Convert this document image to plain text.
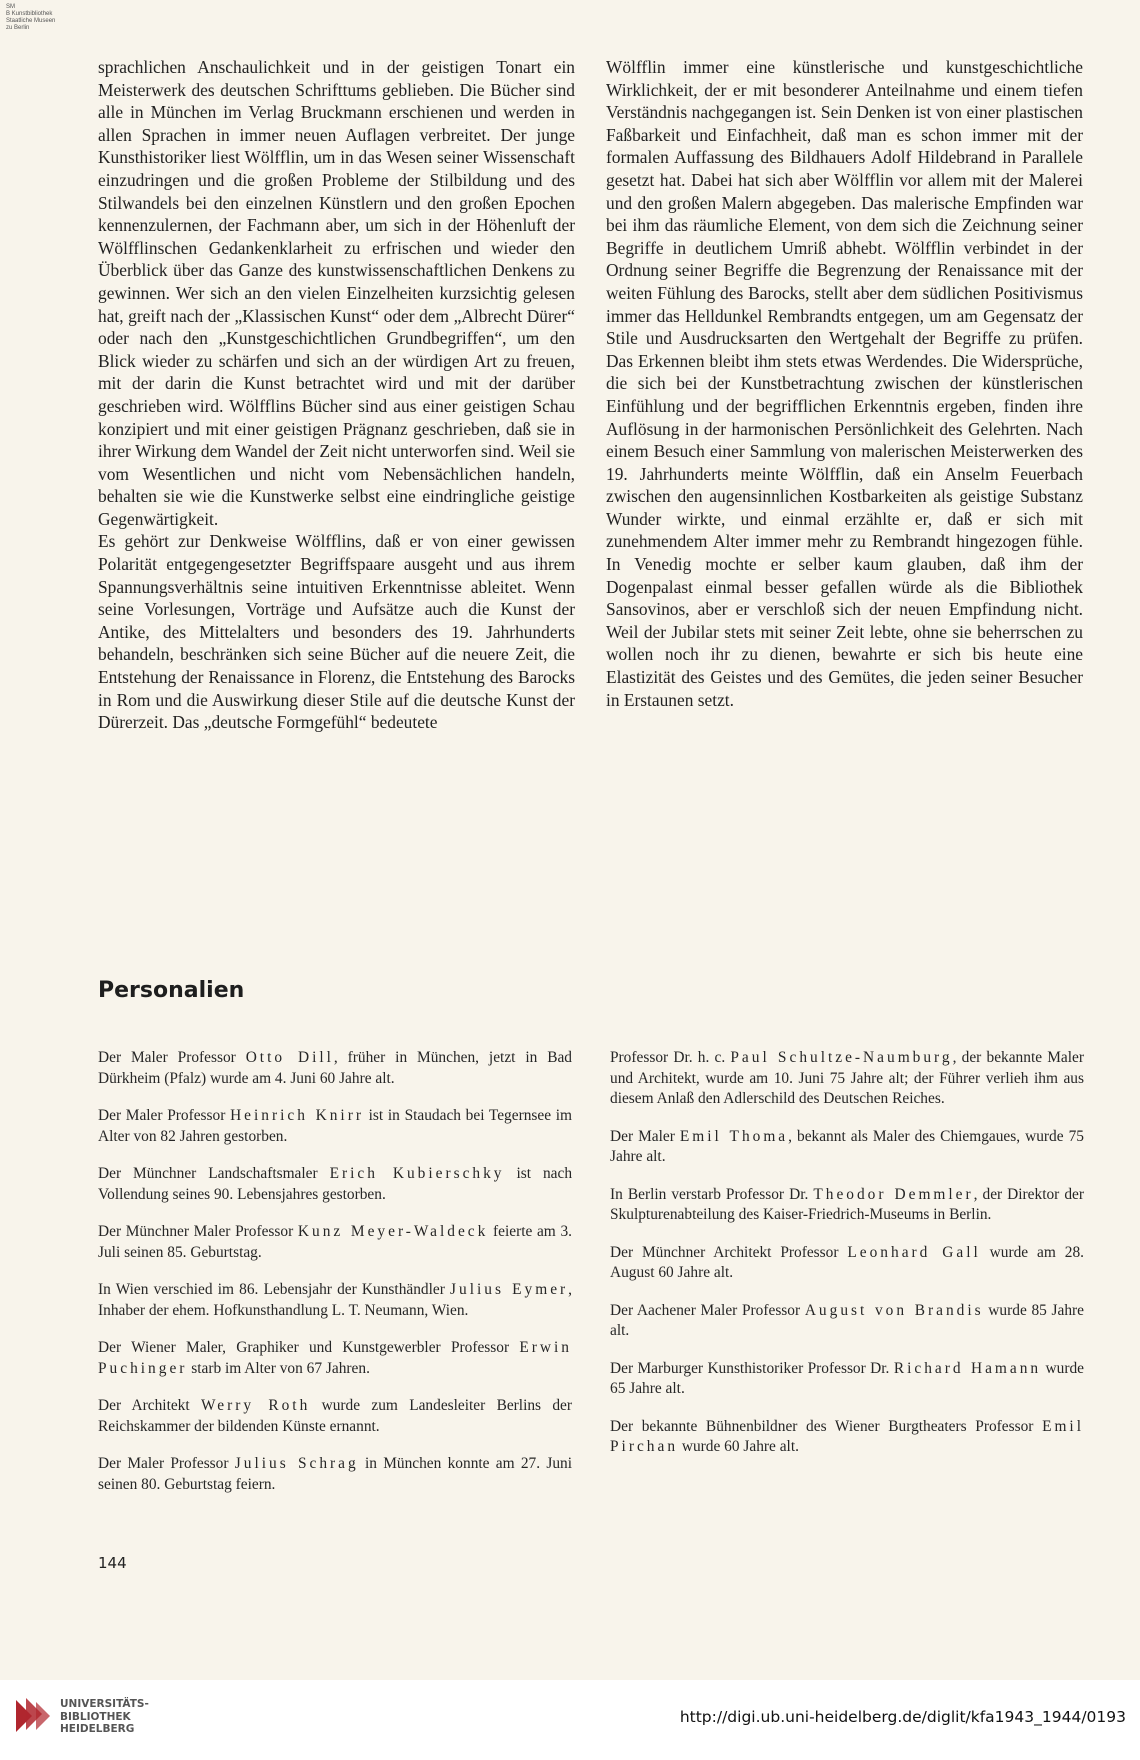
SM
B Kunstbibliothek
Staatliche Museen
zu Berlin

sprachlichen Anschaulichkeit und in der geistigen Tonart ein Meisterwerk des deutschen Schrifttums geblieben. Die Bücher sind alle in München im Verlag Bruckmann erschienen und werden in allen Sprachen in immer neuen Auflagen verbreitet. Der junge Kunsthistoriker liest Wölfflin, um in das Wesen seiner Wissenschaft einzudringen und die großen Probleme der Stilbildung und des Stilwandels bei den einzelnen Künstlern und den großen Epochen kennenzulernen, der Fachmann aber, um sich in der Höhenluft der Wölfflinschen Gedankenklarheit zu erfrischen und wieder den Überblick über das Ganze des kunstwissenschaftlichen Denkens zu gewinnen. Wer sich an den vielen Einzelheiten kurzsichtig gelesen hat, greift nach der „Klassischen Kunst“ oder dem „Albrecht Dürer“ oder nach den „Kunstgeschichtlichen Grundbegriffen“, um den Blick wieder zu schärfen und sich an der würdigen Art zu freuen, mit der darin die Kunst betrachtet wird und mit der darüber geschrieben wird. Wölfflins Bücher sind aus einer geistigen Schau konzipiert und mit einer geistigen Prägnanz geschrieben, daß sie in ihrer Wirkung dem Wandel der Zeit nicht unterworfen sind. Weil sie vom Wesentlichen und nicht vom Nebensächlichen handeln, behalten sie wie die Kunstwerke selbst eine eindringliche geistige Gegenwärtigkeit.

Es gehört zur Denkweise Wölfflins, daß er von einer gewissen Polarität entgegengesetzter Begriffspaare ausgeht und aus ihrem Spannungsverhältnis seine intuitiven Erkenntnisse ableitet. Wenn seine Vorlesungen, Vorträge und Aufsätze auch die Kunst der Antike, des Mittelalters und besonders des 19. Jahrhunderts behandeln, beschränken sich seine Bücher auf die neuere Zeit, die Entstehung der Renaissance in Florenz, die Entstehung des Barocks in Rom und die Auswirkung dieser Stile auf die deutsche Kunst der Dürerzeit. Das „deutsche Formgefühl“ bedeutete

Wölfflin immer eine künstlerische und kunstgeschichtliche Wirklichkeit, der er mit besonderer Anteilnahme und einem tiefen Verständnis nachgegangen ist. Sein Denken ist von einer plastischen Faßbarkeit und Einfachheit, daß man es schon immer mit der formalen Auffassung des Bildhauers Adolf Hildebrand in Parallele gesetzt hat. Dabei hat sich aber Wölfflin vor allem mit der Malerei und den großen Malern abgegeben. Das malerische Empfinden war bei ihm das räumliche Element, von dem sich die Zeichnung seiner Begriffe in deutlichem Umriß abhebt. Wölfflin verbindet in der Ordnung seiner Begriffe die Begrenzung der Renaissance mit der weiten Fühlung des Barocks, stellt aber dem südlichen Positivismus immer das Helldunkel Rembrandts entgegen, um am Gegensatz der Stile und Ausdrucksarten den Wertgehalt der Begriffe zu prüfen. Das Erkennen bleibt ihm stets etwas Werdendes. Die Widersprüche, die sich bei der Kunstbetrachtung zwischen der künstlerischen Einfühlung und der begrifflichen Erkenntnis ergeben, finden ihre Auflösung in der harmonischen Persönlichkeit des Gelehrten. Nach einem Besuch einer Sammlung von malerischen Meisterwerken des 19. Jahrhunderts meinte Wölfflin, daß ein Anselm Feuerbach zwischen den augensinnlichen Kostbarkeiten als geistige Substanz Wunder wirkte, und einmal erzählte er, daß er sich mit zunehmendem Alter immer mehr zu Rembrandt hingezogen fühle. In Venedig mochte er selber kaum glauben, daß ihm der Dogenpalast einmal besser gefallen würde als die Bibliothek Sansovinos, aber er verschloß sich der neuen Empfindung nicht. Weil der Jubilar stets mit seiner Zeit lebte, ohne sie beherrschen zu wollen noch ihr zu dienen, bewahrte er sich bis heute eine Elastizität des Geistes und des Gemütes, die jeden seiner Besucher in Erstaunen setzt.

Personalien

Der Maler Professor Otto Dill, früher in München, jetzt in Bad Dürkheim (Pfalz) wurde am 4. Juni 60 Jahre alt.

Der Maler Professor Heinrich Knirr ist in Staudach bei Tegernsee im Alter von 82 Jahren gestorben.

Der Münchner Landschaftsmaler Erich Kubierschky ist nach Vollendung seines 90. Lebensjahres gestorben.

Der Münchner Maler Professor Kunz Meyer-Waldeck feierte am 3. Juli seinen 85. Geburtstag.

In Wien verschied im 86. Lebensjahr der Kunsthändler Julius Eymer, Inhaber der ehem. Hofkunsthandlung L. T. Neumann, Wien.

Der Wiener Maler, Graphiker und Kunstgewerbler Professor Erwin Puchinger starb im Alter von 67 Jahren.

Der Architekt Werry Roth wurde zum Landesleiter Berlins der Reichskammer der bildenden Künste ernannt.

Der Maler Professor Julius Schrag in München konnte am 27. Juni seinen 80. Geburtstag feiern.

Professor Dr. h. c. Paul Schultze-Naumburg, der bekannte Maler und Architekt, wurde am 10. Juni 75 Jahre alt; der Führer verlieh ihm aus diesem Anlaß den Adlerschild des Deutschen Reiches.

Der Maler Emil Thoma, bekannt als Maler des Chiemgaues, wurde 75 Jahre alt.

In Berlin verstarb Professor Dr. Theodor Demmler, der Direktor der Skulpturenabteilung des Kaiser-Friedrich-Museums in Berlin.

Der Münchner Architekt Professor Leonhard Gall wurde am 28. August 60 Jahre alt.

Der Aachener Maler Professor August von Brandis wurde 85 Jahre alt.

Der Marburger Kunsthistoriker Professor Dr. Richard Hamann wurde 65 Jahre alt.

Der bekannte Bühnenbildner des Wiener Burgtheaters Professor Emil Pirchan wurde 60 Jahre alt.

144
UNIVERSITÄTS-
BIBLIOTHEK
HEIDELBERG
http://digi.ub.uni-heidelberg.de/diglit/kfa1943_1944/0193
